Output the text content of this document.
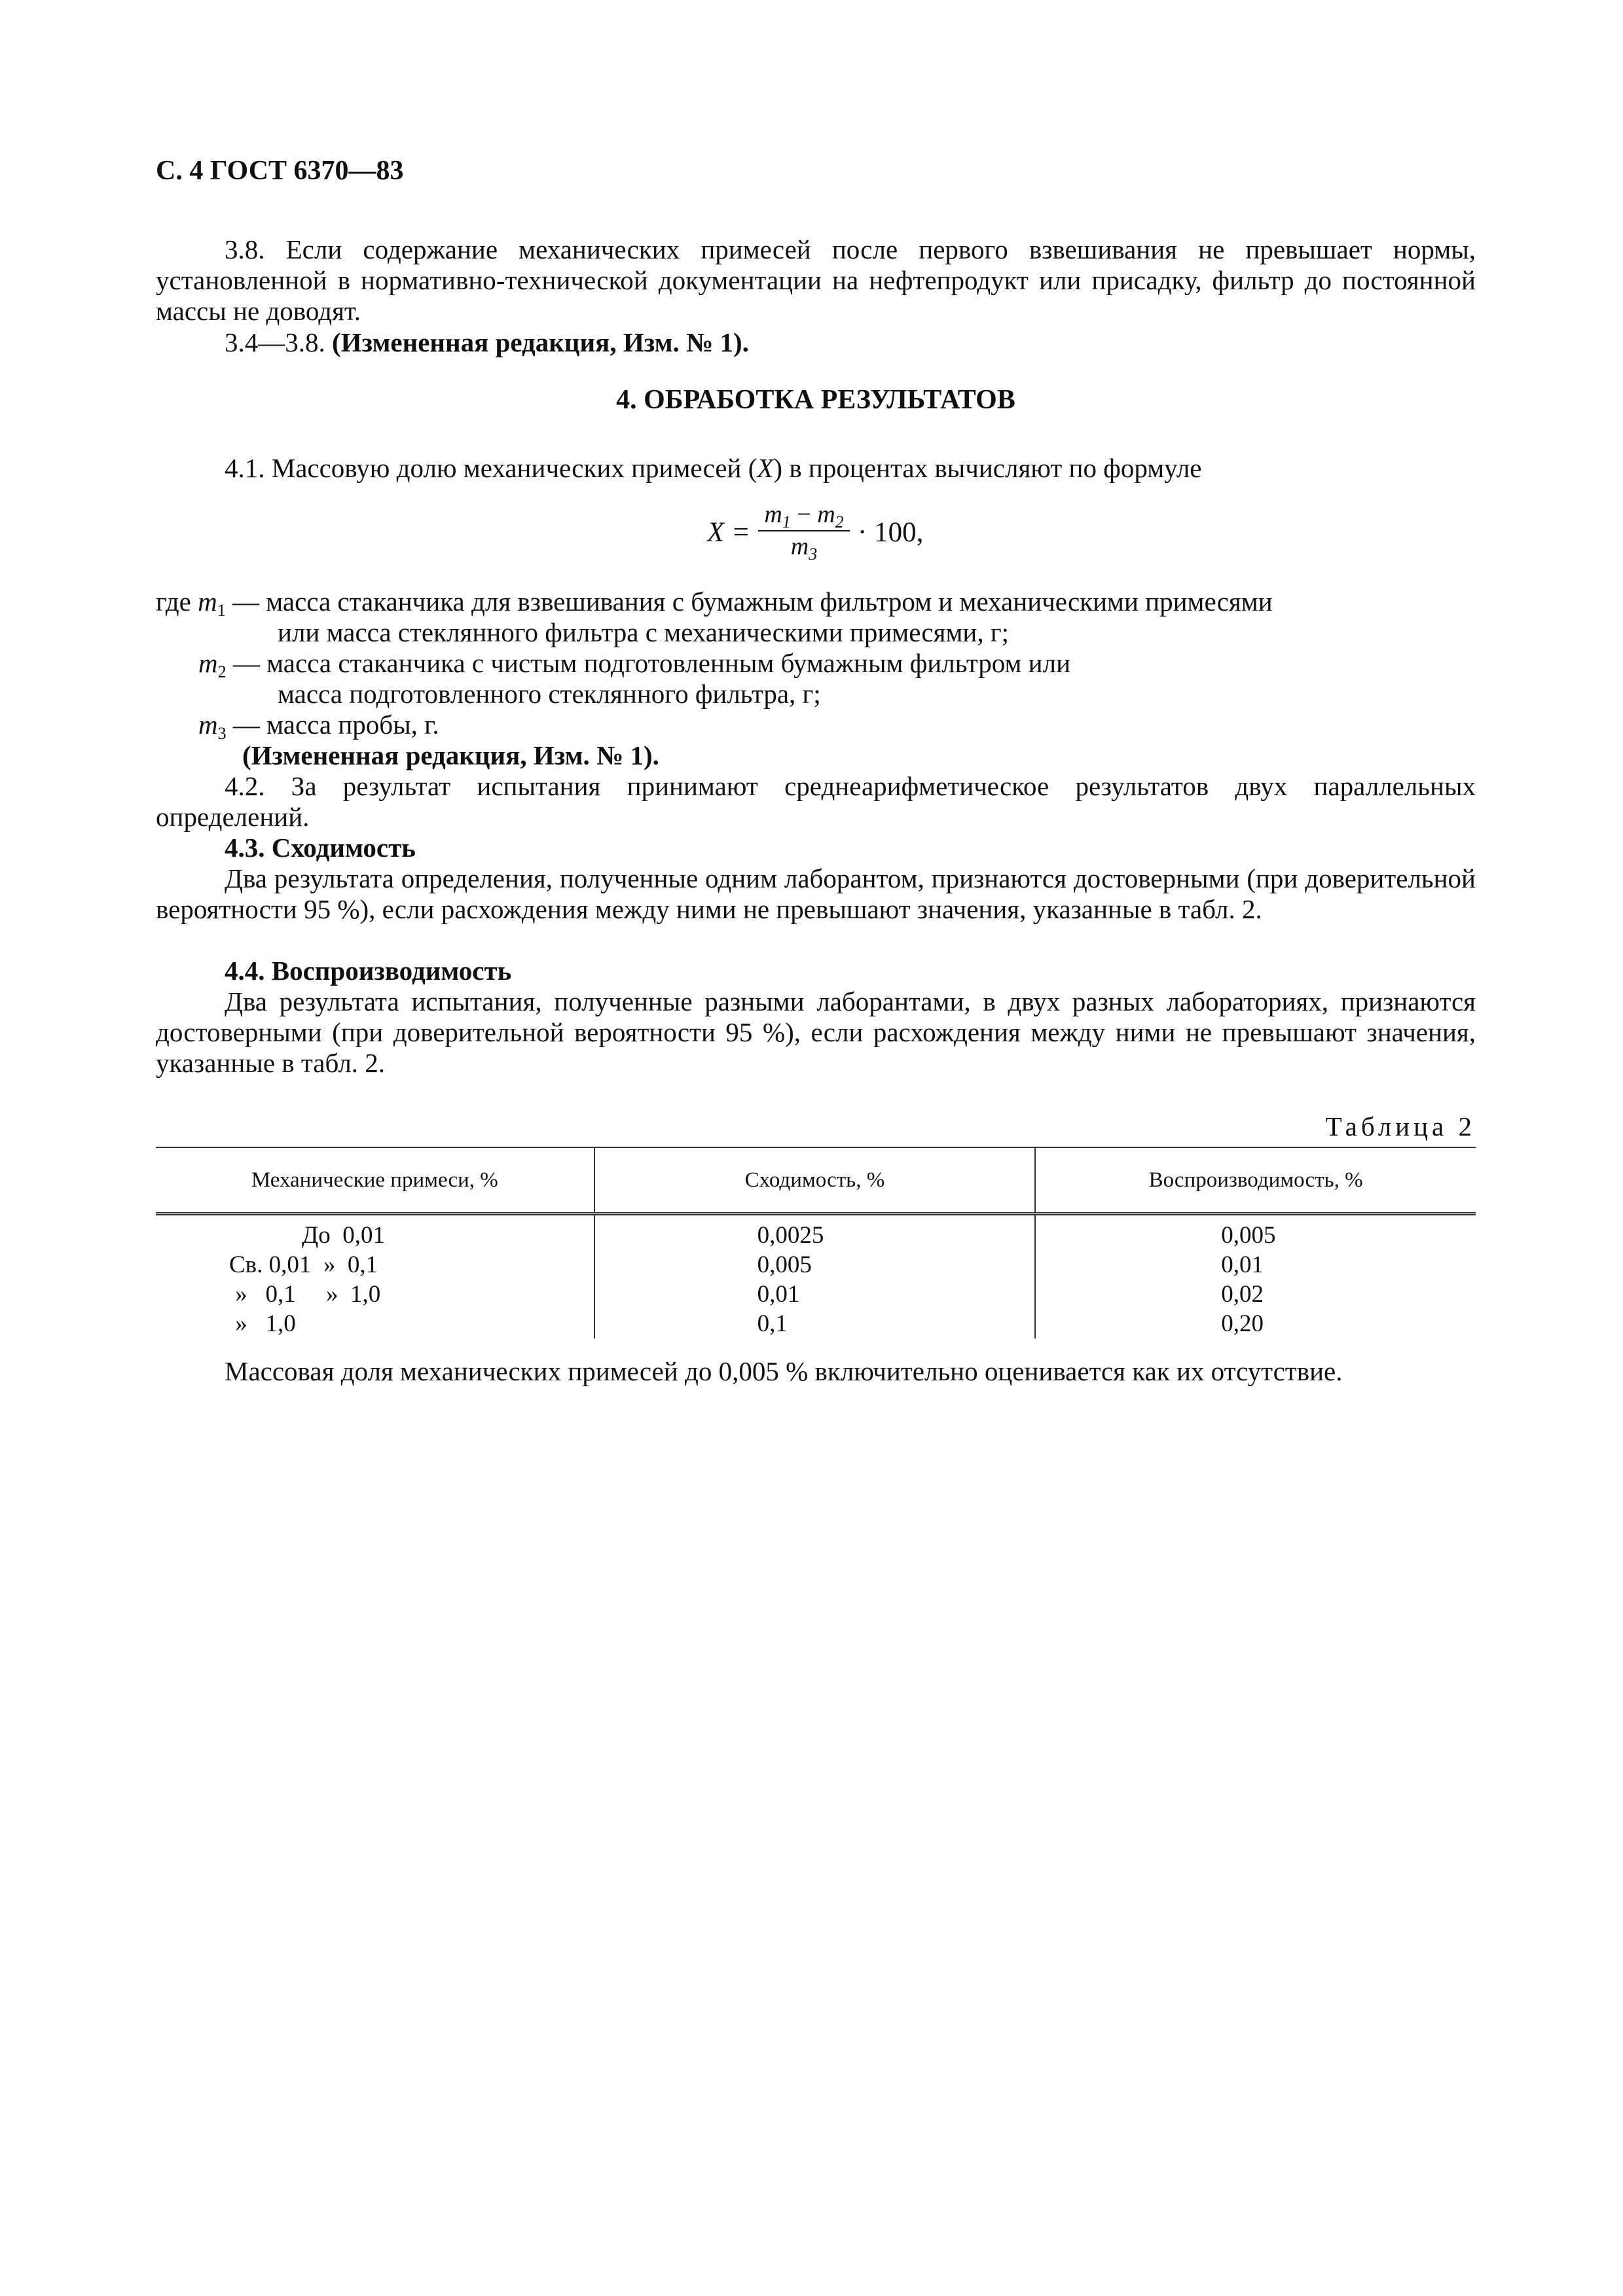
С. 4 ГОСТ 6370—83

3.8. Если содержание механических примесей после первого взвешивания не превышает нормы, установленной в нормативно-технической документации на нефтепродукт или присадку, фильтр до постоянной массы не доводят.

3.4—3.8. (Измененная редакция, Изм. № 1).

4. ОБРАБОТКА РЕЗУЛЬТАТОВ

4.1. Массовую долю механических примесей (X) в процентах вычисляют по формуле

X =
$m_1 - m_2$
$m_3$
· 100,
где $m_1$ — масса стаканчика для взвешивания с бумажным фильтром и механическими примесями
или масса стеклянного фильтра с механическими примесями, г;
$m_2$ — масса стаканчика с чистым подготовленным бумажным фильтром или
масса подготовленного стеклянного фильтра, г;
$m_3$ — масса пробы, г.
(Измененная редакция, Изм. № 1).

4.2. За результат испытания принимают среднеарифметическое результатов двух параллельных определений.

4.3. Сходимость

Два результата определения, полученные одним лаборантом, признаются достоверными (при доверительной вероятности 95 %), если расхождения между ними не превышают значения, указанные в табл. 2.

4.4. Воспроизводимость

Два результата испытания, полученные разными лаборантами, в двух разных лабораториях, признаются достоверными (при доверительной вероятности 95 %), если расхождения между ними не превышают значения, указанные в табл. 2.

Таблица 2
Механические примеси, %	Сходимость, %	Воспроизводимость, %
До  0,01	0,0025	0,005
Св. 0,01  »  0,1	0,005	0,01
»   0,1     »  1,0	0,01	0,02
»   1,0	0,1	0,20

Массовая доля механических примесей до 0,005 % включительно оценивается как их отсутствие.
